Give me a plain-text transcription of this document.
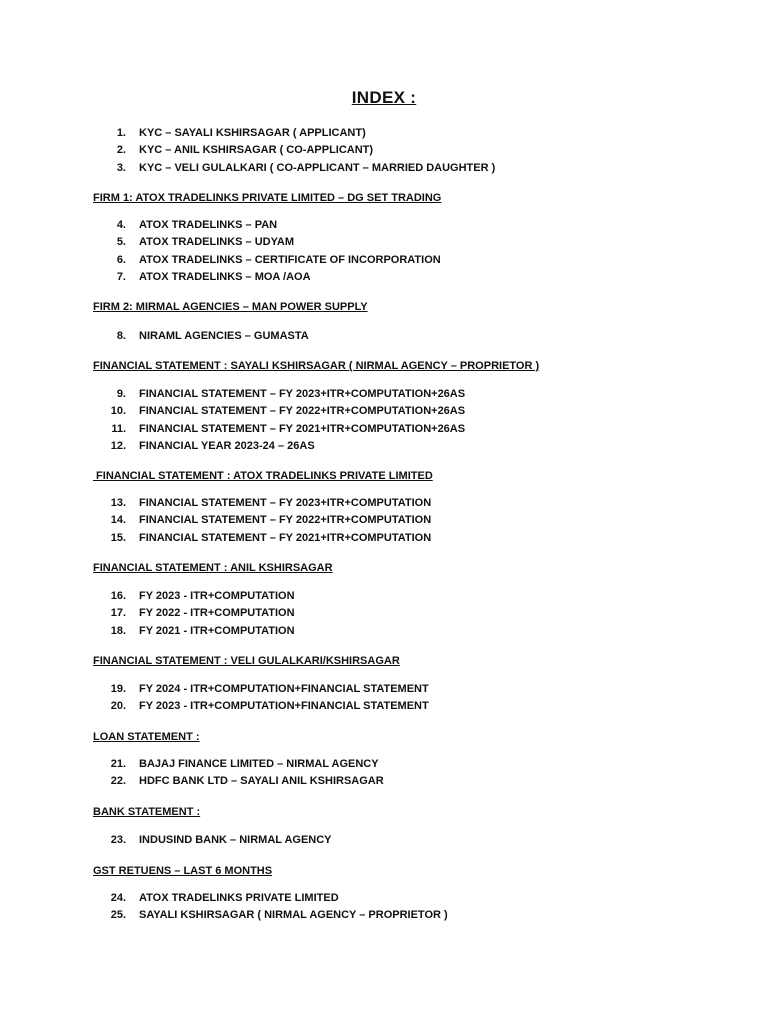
INDEX :
1. KYC – SAYALI KSHIRSAGAR ( APPLICANT)
2. KYC – ANIL KSHIRSAGAR ( CO-APPLICANT)
3. KYC – VELI GULALKARI ( CO-APPLICANT – MARRIED DAUGHTER )
FIRM 1: ATOX TRADELINKS PRIVATE LIMITED – DG SET TRADING
4. ATOX TRADELINKS – PAN
5. ATOX TRADELINKS – UDYAM
6. ATOX TRADELINKS – CERTIFICATE OF INCORPORATION
7. ATOX TRADELINKS – MOA /AOA
FIRM 2: MIRMAL AGENCIES – MAN POWER SUPPLY
8. NIRAML AGENCIES – GUMASTA
FINANCIAL STATEMENT : SAYALI KSHIRSAGAR ( NIRMAL AGENCY – PROPRIETOR )
9. FINANCIAL STATEMENT – FY 2023+ITR+COMPUTATION+26AS
10. FINANCIAL STATEMENT – FY 2022+ITR+COMPUTATION+26AS
11. FINANCIAL STATEMENT – FY 2021+ITR+COMPUTATION+26AS
12. FINANCIAL YEAR 2023-24 – 26AS
FINANCIAL STATEMENT : ATOX TRADELINKS PRIVATE LIMITED
13. FINANCIAL STATEMENT – FY 2023+ITR+COMPUTATION
14. FINANCIAL STATEMENT – FY 2022+ITR+COMPUTATION
15. FINANCIAL STATEMENT – FY 2021+ITR+COMPUTATION
FINANCIAL STATEMENT : ANIL KSHIRSAGAR
16. FY 2023 - ITR+COMPUTATION
17. FY 2022 - ITR+COMPUTATION
18. FY 2021 - ITR+COMPUTATION
FINANCIAL STATEMENT : VELI GULALKARI/KSHIRSAGAR
19. FY 2024 - ITR+COMPUTATION+FINANCIAL STATEMENT
20. FY 2023 - ITR+COMPUTATION+FINANCIAL STATEMENT
LOAN STATEMENT :
21. BAJAJ FINANCE LIMITED – NIRMAL AGENCY
22. HDFC BANK LTD – SAYALI ANIL KSHIRSAGAR
BANK STATEMENT :
23. INDUSIND BANK – NIRMAL AGENCY
GST RETUENS – LAST 6 MONTHS
24. ATOX TRADELINKS PRIVATE LIMITED
25. SAYALI KSHIRSAGAR ( NIRMAL AGENCY – PROPRIETOR )
